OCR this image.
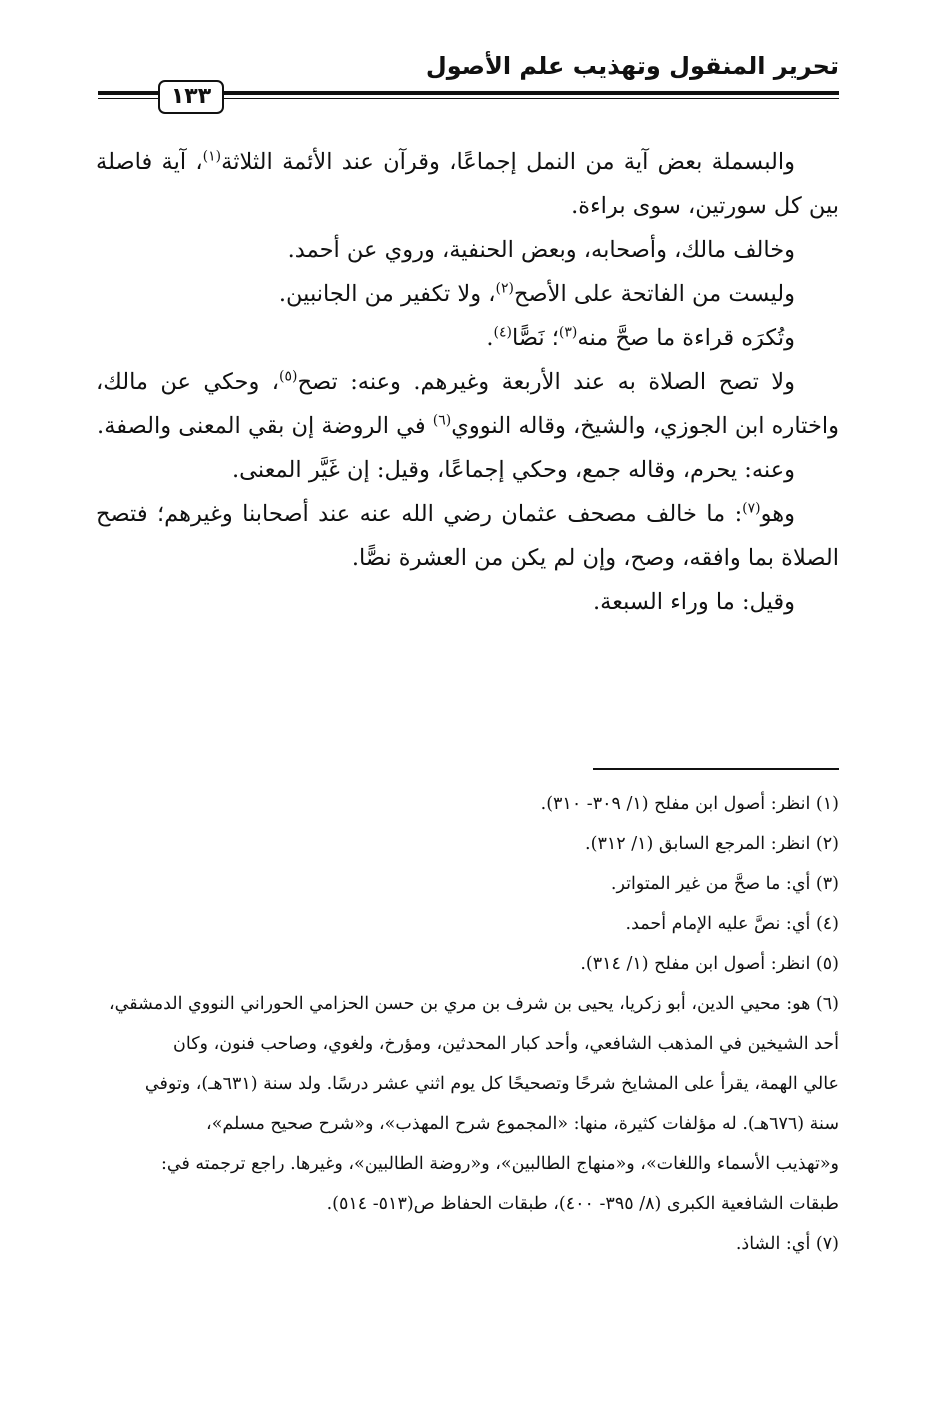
تحرير المنقول وتهذيب علم الأصول
١٣٣

والبسملة بعض آية من النمل إجماعًا، وقرآن عند الأئمة الثلاثة$^{(١)}$، آية فاصلة بين كل سورتين، سوى براءة.

وخالف مالك، وأصحابه، وبعض الحنفية، وروي عن أحمد.

وليست من الفاتحة على الأصح$^{(٢)}$، ولا تكفير من الجانبين.

وتُكرَه قراءة ما صحَّ منه$^{(٣)}$؛ نَصًّا$^{(٤)}$.

ولا تصح الصلاة به عند الأربعة وغيرهم. وعنه: تصح$^{(٥)}$، وحكي عن مالك، واختاره ابن الجوزي، والشيخ، وقاله النووي$^{(٦)}$ في الروضة إن بقي المعنى والصفة.

وعنه: يحرم، وقاله جمع، وحكي إجماعًا، وقيل: إن غَيَّر المعنى.

وهو$^{(٧)}$: ما خالف مصحف عثمان رضي الله عنه عند أصحابنا وغيرهم؛ فتصح الصلاة بما وافقه، وصح، وإن لم يكن من العشرة نصًّا.

وقيل: ما وراء السبعة.

(١) انظر: أصول ابن مفلح (١/ ٣٠٩- ٣١٠).

(٢) انظر: المرجع السابق (١/ ٣١٢).

(٣) أي: ما صحَّ من غير المتواتر.

(٤) أي: نصَّ عليه الإمام أحمد.

(٥) انظر: أصول ابن مفلح (١/ ٣١٤).

(٦) هو: محيي الدين، أبو زكريا، يحيى بن شرف بن مري بن حسن الحزامي الحوراني النووي الدمشقي،
أحد الشيخين في المذهب الشافعي، وأحد كبار المحدثين، ومؤرخ، ولغوي، وصاحب فنون، وكان
عالي الهمة، يقرأ على المشايخ شرحًا وتصحيحًا كل يوم اثني عشر درسًا. ولد سنة (٦٣١هـ)، وتوفي
سنة (٦٧٦هـ). له مؤلفات كثيرة، منها: «المجموع شرح المهذب»، و«شرح صحيح مسلم»،
و«تهذيب الأسماء واللغات»، و«منهاج الطالبين»، و«روضة الطالبين»، وغيرها. راجع ترجمته في:
طبقات الشافعية الكبرى (٨/ ٣٩٥- ٤٠٠)، طبقات الحفاظ ص(٥١٣- ٥١٤).

(٧) أي: الشاذ.
